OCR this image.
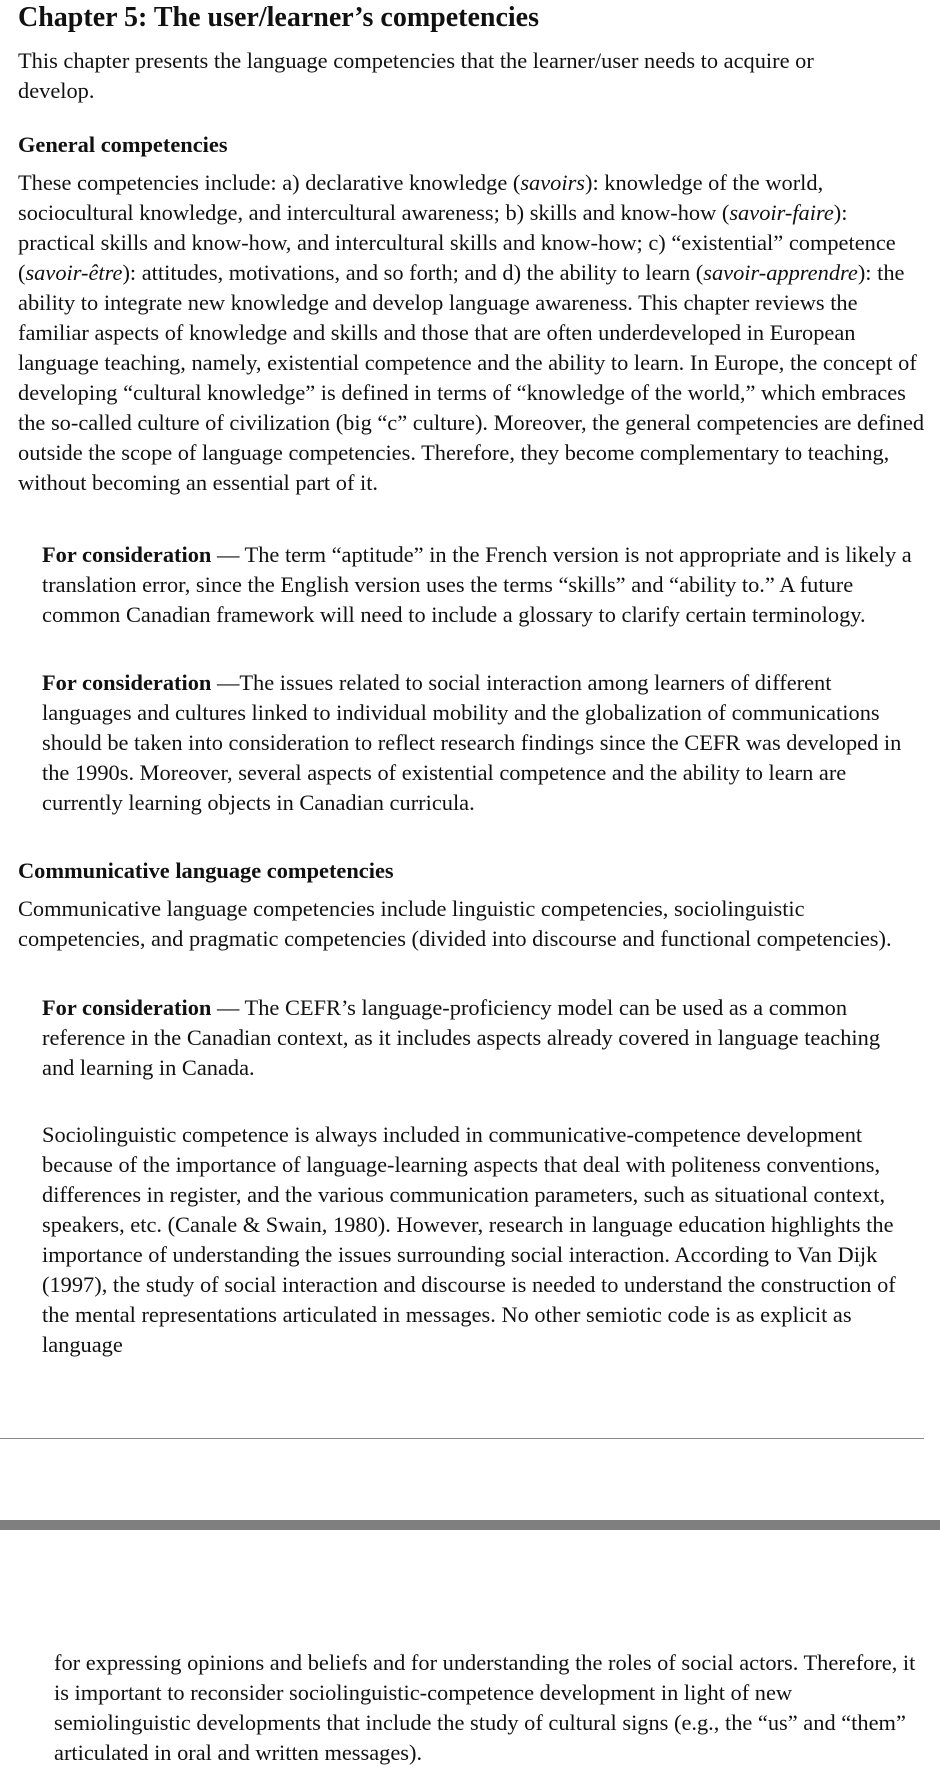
Chapter 5: The user/learner’s competencies

This chapter presents the language competencies that the learner/user needs to acquire or develop.

General competencies

These competencies include: a) declarative knowledge (savoirs): knowledge of the world, sociocultural knowledge, and intercultural awareness; b) skills and know-how (savoir-faire): practical skills and know-how, and intercultural skills and know-how; c) “existential” competence (savoir-être): attitudes, motivations, and so forth; and d) the ability to learn (savoir-apprendre): the ability to integrate new knowledge and develop language awareness. This chapter reviews the familiar aspects of knowledge and skills and those that are often underdeveloped in European language teaching, namely, existential competence and the ability to learn. In Europe, the concept of developing “cultural knowledge” is defined in terms of “knowledge of the world,” which embraces the so-called culture of civilization (big “c” culture). Moreover, the general competencies are defined outside the scope of language competencies. Therefore, they become complementary to teaching, without becoming an essential part of it.

For consideration — The term “aptitude” in the French version is not appropriate and is likely a translation error, since the English version uses the terms “skills” and “ability to.” A future common Canadian framework will need to include a glossary to clarify certain terminology.

For consideration —The issues related to social interaction among learners of different languages and cultures linked to individual mobility and the globalization of communications should be taken into consideration to reflect research findings since the CEFR was developed in the 1990s. Moreover, several aspects of existential competence and the ability to learn are currently learning objects in Canadian curricula.

Communicative language competencies

Communicative language competencies include linguistic competencies, sociolinguistic competencies, and pragmatic competencies (divided into discourse and functional competencies).

For consideration — The CEFR’s language-proficiency model can be used as a common reference in the Canadian context, as it includes aspects already covered in language teaching and learning in Canada.

Sociolinguistic competence is always included in communicative-competence development because of the importance of language-learning aspects that deal with politeness conventions, differences in register, and the various communication parameters, such as situational context, speakers, etc. (Canale & Swain, 1980). However, research in language education highlights the importance of understanding the issues surrounding social interaction. According to Van Dijk (1997), the study of social interaction and discourse is needed to understand the construction of the mental representations articulated in messages. No other semiotic code is as explicit as language

for expressing opinions and beliefs and for understanding the roles of social actors. Therefore, it is important to reconsider sociolinguistic-competence development in light of new semiolinguistic developments that include the study of cultural signs (e.g., the “us” and “them” articulated in oral and written messages).
